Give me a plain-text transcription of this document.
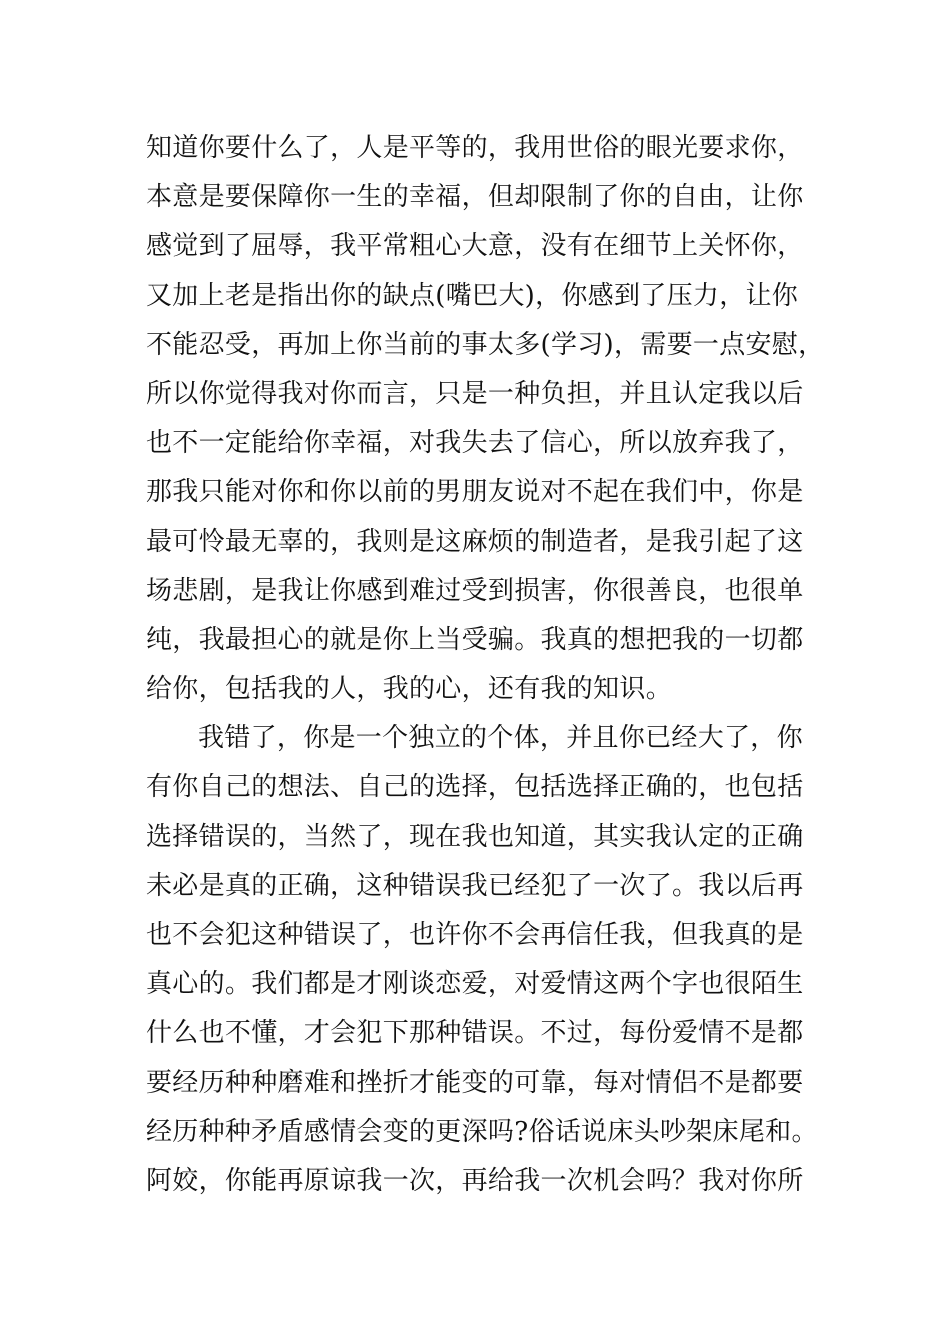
知道你要什么了，人是平等的，我用世俗的眼光要求你，
本意是要保障你一生的幸福，但却限制了你的自由，让你
感觉到了屈辱，我平常粗心大意，没有在细节上关怀你，
又加上老是指出你的缺点(嘴巴大)，你感到了压力，让你
不能忍受，再加上你当前的事太多(学习)，需要一点安慰，
所以你觉得我对你而言，只是一种负担，并且认定我以后
也不一定能给你幸福，对我失去了信心，所以放弃我了，
那我只能对你和你以前的男朋友说对不起在我们中，你是
最可怜最无辜的，我则是这麻烦的制造者，是我引起了这
场悲剧，是我让你感到难过受到损害，你很善良，也很单
纯，我最担心的就是你上当受骗。我真的想把我的一切都
给你，包括我的人，我的心，还有我的知识。
我错了，你是一个独立的个体，并且你已经大了，你
有你自己的想法、自己的选择，包括选择正确的，也包括
选择错误的，当然了，现在我也知道，其实我认定的正确
未必是真的正确，这种错误我已经犯了一次了。我以后再
也不会犯这种错误了，也许你不会再信任我，但我真的是
真心的。我们都是才刚谈恋爱，对爱情这两个字也很陌生
什么也不懂，才会犯下那种错误。不过，每份爱情不是都
要经历种种磨难和挫折才能变的可靠，每对情侣不是都要
经历种种矛盾感情会变的更深吗?俗话说床头吵架床尾和。
阿姣，你能再原谅我一次，再给我一次机会吗？我对你所
